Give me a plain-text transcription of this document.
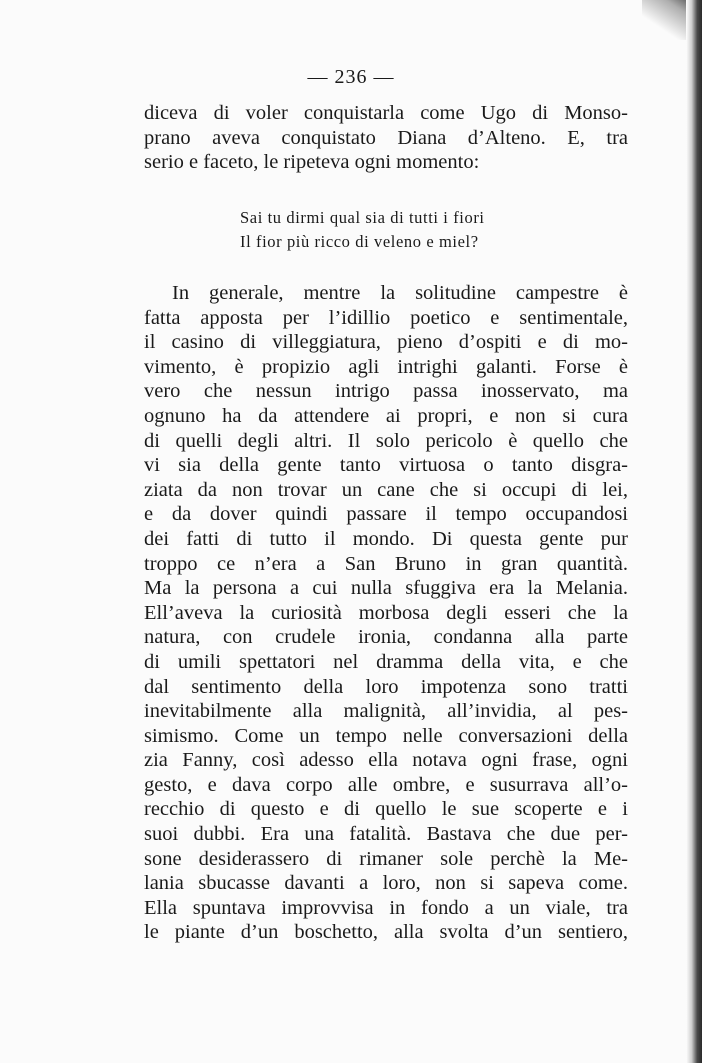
— 236 —
diceva di voler conquistarla come Ugo di Monso-
prano aveva conquistato Diana d’Alteno. E, tra
serio e faceto, le ripeteva ogni momento:
Sai tu dirmi qual sia di tutti i fiori
Il fior più ricco di veleno e miel?
In generale, mentre la solitudine campestre è
fatta apposta per l’idillio poetico e sentimentale,
il casino di villeggiatura, pieno d’ospiti e di mo-
vimento, è propizio agli intrighi galanti. Forse è
vero che nessun intrigo passa inosservato, ma
ognuno ha da attendere ai propri, e non si cura
di quelli degli altri. Il solo pericolo è quello che
vi sia della gente tanto virtuosa o tanto disgra-
ziata da non trovar un cane che si occupi di lei,
e da dover quindi passare il tempo occupandosi
dei fatti di tutto il mondo. Di questa gente pur
troppo ce n’era a San Bruno in gran quantità.
Ma la persona a cui nulla sfuggiva era la Melania.
Ell’aveva la curiosità morbosa degli esseri che la
natura, con crudele ironia, condanna alla parte
di umili spettatori nel dramma della vita, e che
dal sentimento della loro impotenza sono tratti
inevitabilmente alla malignità, all’invidia, al pes-
simismo. Come un tempo nelle conversazioni della
zia Fanny, così adesso ella notava ogni frase, ogni
gesto, e dava corpo alle ombre, e susurrava all’o-
recchio di questo e di quello le sue scoperte e i
suoi dubbi. Era una fatalità. Bastava che due per-
sone desiderassero di rimaner sole perchè la Me-
lania sbucasse davanti a loro, non si sapeva come.
Ella spuntava improvvisa in fondo a un viale, tra
le piante d’un boschetto, alla svolta d’un sentiero,
